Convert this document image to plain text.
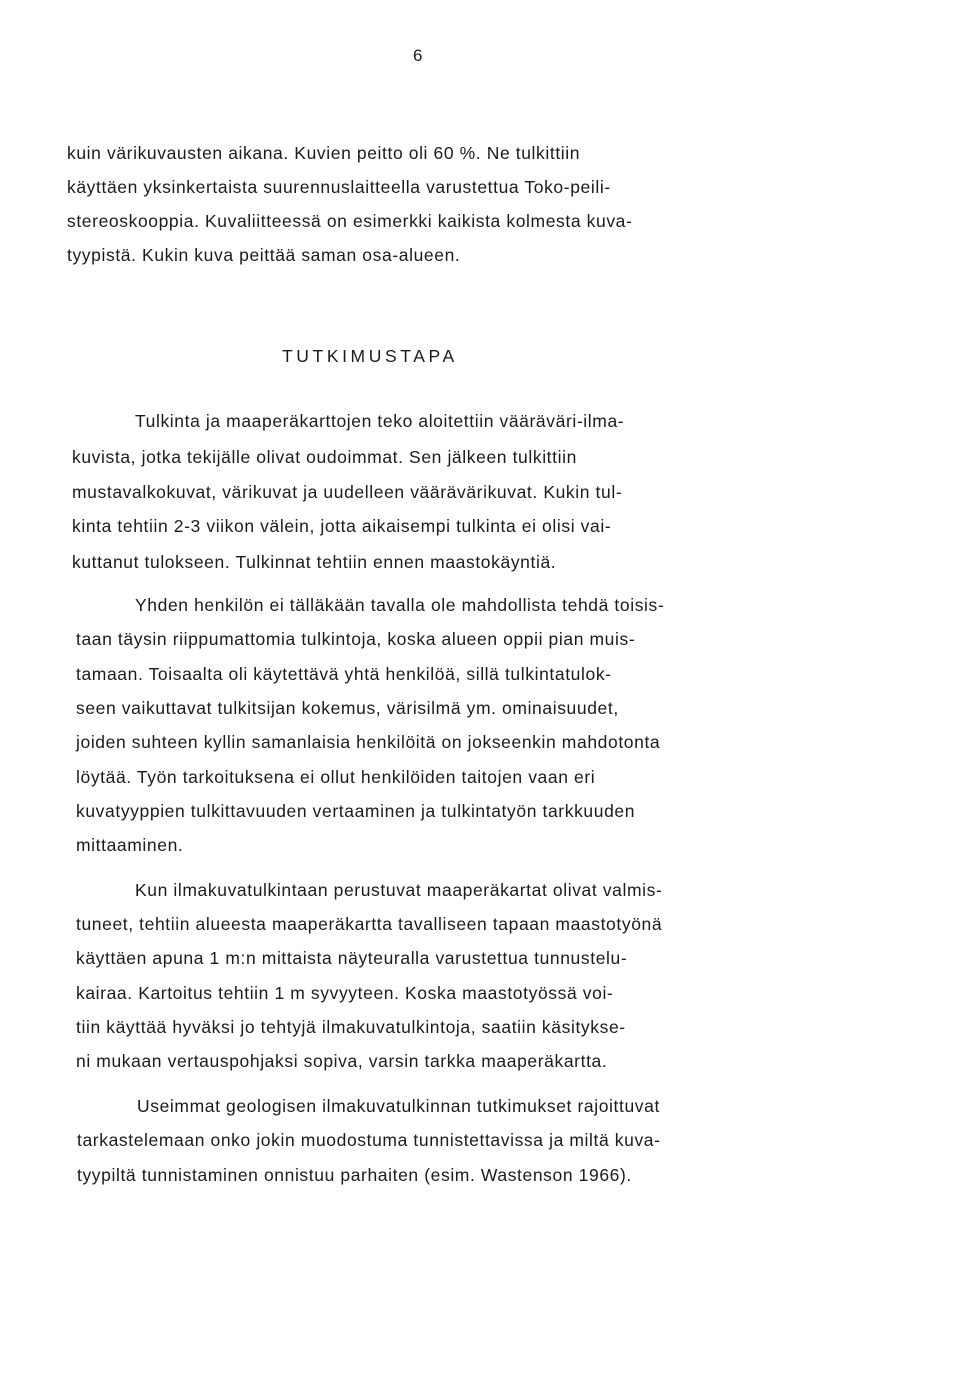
6
kuin värikuvausten aikana. Kuvien peitto oli 60 %. Ne tulkittiin
käyttäen yksinkertaista suurennuslaitteella varustettua Toko-peili-
stereoskooppia. Kuvaliitteessä on esimerkki kaikista kolmesta kuva-
tyypistä. Kukin kuva peittää saman osa-alueen.
TUTKIMUSTAPA
Tulkinta ja maaperäkarttojen teko aloitettiin vääräväri-ilma-
kuvista, jotka tekijälle olivat oudoimmat. Sen jälkeen tulkittiin
mustavalkokuvat, värikuvat ja uudelleen väärävärikuvat. Kukin tul-
kinta tehtiin 2-3 viikon välein, jotta aikaisempi tulkinta ei olisi vai-
kuttanut tulokseen. Tulkinnat tehtiin ennen maastokäyntiä.
Yhden henkilön ei tälläkään tavalla ole mahdollista tehdä toisis-
taan täysin riippumattomia tulkintoja, koska alueen oppii pian muis-
tamaan. Toisaalta oli käytettävä yhtä henkilöä, sillä tulkintatulok-
seen vaikuttavat tulkitsijan kokemus, värisilmä ym. ominaisuudet,
joiden suhteen kyllin samanlaisia henkilöitä on jokseenkin mahdotonta
löytää. Työn tarkoituksena ei ollut henkilöiden taitojen vaan eri
kuvatyyppien tulkittavuuden vertaaminen ja tulkintatyön tarkkuuden
mittaaminen.
Kun ilmakuvatulkintaan perustuvat maaperäkartat olivat valmis-
tuneet, tehtiin alueesta maaperäkartta tavalliseen tapaan maastotyönä
käyttäen apuna 1 m:n mittaista näyteuralla varustettua tunnustelu-
kairaa. Kartoitus tehtiin 1 m syvyyteen. Koska maastotyössä voi-
tiin käyttää hyväksi jo tehtyjä ilmakuvatulkintoja, saatiin käsitykse-
ni mukaan vertauspohjaksi sopiva, varsin tarkka maaperäkartta.
Useimmat geologisen ilmakuvatulkinnan tutkimukset rajoittuvat
tarkastelemaan onko jokin muodostuma tunnistettavissa ja miltä kuva-
tyypiltä tunnistaminen onnistuu parhaiten (esim. Wastenson 1966).
